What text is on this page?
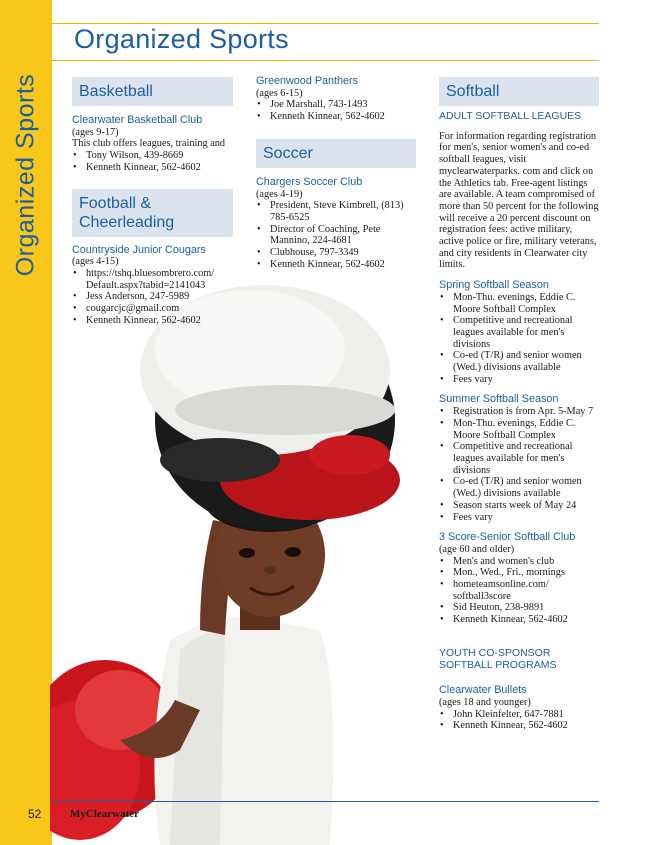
Organized Sports
Organized Sports
Basketball
Clearwater Basketball Club

(ages 9-17)

This club offers leagues, training and

• Tony Wilson, 439-8669
• Kenneth Kinnear, 562-4602
Football & Cheerleading
Countryside Junior Cougars

(ages 4-15)

• https://tshq.bluesombrero.com/ Default.aspx?tabid=2141043
• Jess Anderson, 247-5989
• cougarcjc@gmail.com
• Kenneth Kinnear, 562-4602
Greenwood Panthers

(ages 6-15)

• Joe Marshall, 743-1493
• Kenneth Kinnear, 562-4602
Soccer
Chargers Soccer Club

(ages 4-19)

• President, Steve Kimbrell, (813) 785-6525
• Director of Coaching, Pete Mannino, 224-4681
• Clubhouse, 797-3349
• Kenneth Kinnear, 562-4602
Softball
ADULT SOFTBALL LEAGUES

For information regarding registration for men's, senior women's and co-ed softball leagues, visit myclearwaterparks. com and click on the Athletics tab. Free-agent listings are available. A team compromised of more than 50 percent for the following will receive a 20 percent discount on registration fees: active military, active police or fire, military veterans, and city residents in Clearwater city limits.

Spring Softball Season
• Mon-Thu. evenings, Eddie C. Moore Softball Complex
• Competitive and recreational leagues available for men's divisions
• Co-ed (T/R) and senior women (Wed.) divisions available
• Fees vary
Summer Softball Season
• Registration is from Apr. 5-May 7
• Mon-Thu. evenings, Eddie C. Moore Softball Complex
• Competitive and recreational leagues available for men's divisions
• Co-ed (T/R) and senior women (Wed.) divisions available
• Season starts week of May 24
• Fees vary
3 Score-Senior Softball Club

(age 60 and older)

• Men's and women's club
• Mon., Wed., Fri., mornings
• hometeamsonline.com/ softball3score
• Sid Heuton, 238-9891
• Kenneth Kinnear, 562-4602
YOUTH CO-SPONSOR SOFTBALL PROGRAMS
Clearwater Bullets

(ages 18 and younger)

• John Kleinfelter, 647-7881
• Kenneth Kinnear, 562-4602
52	MyClearwater
